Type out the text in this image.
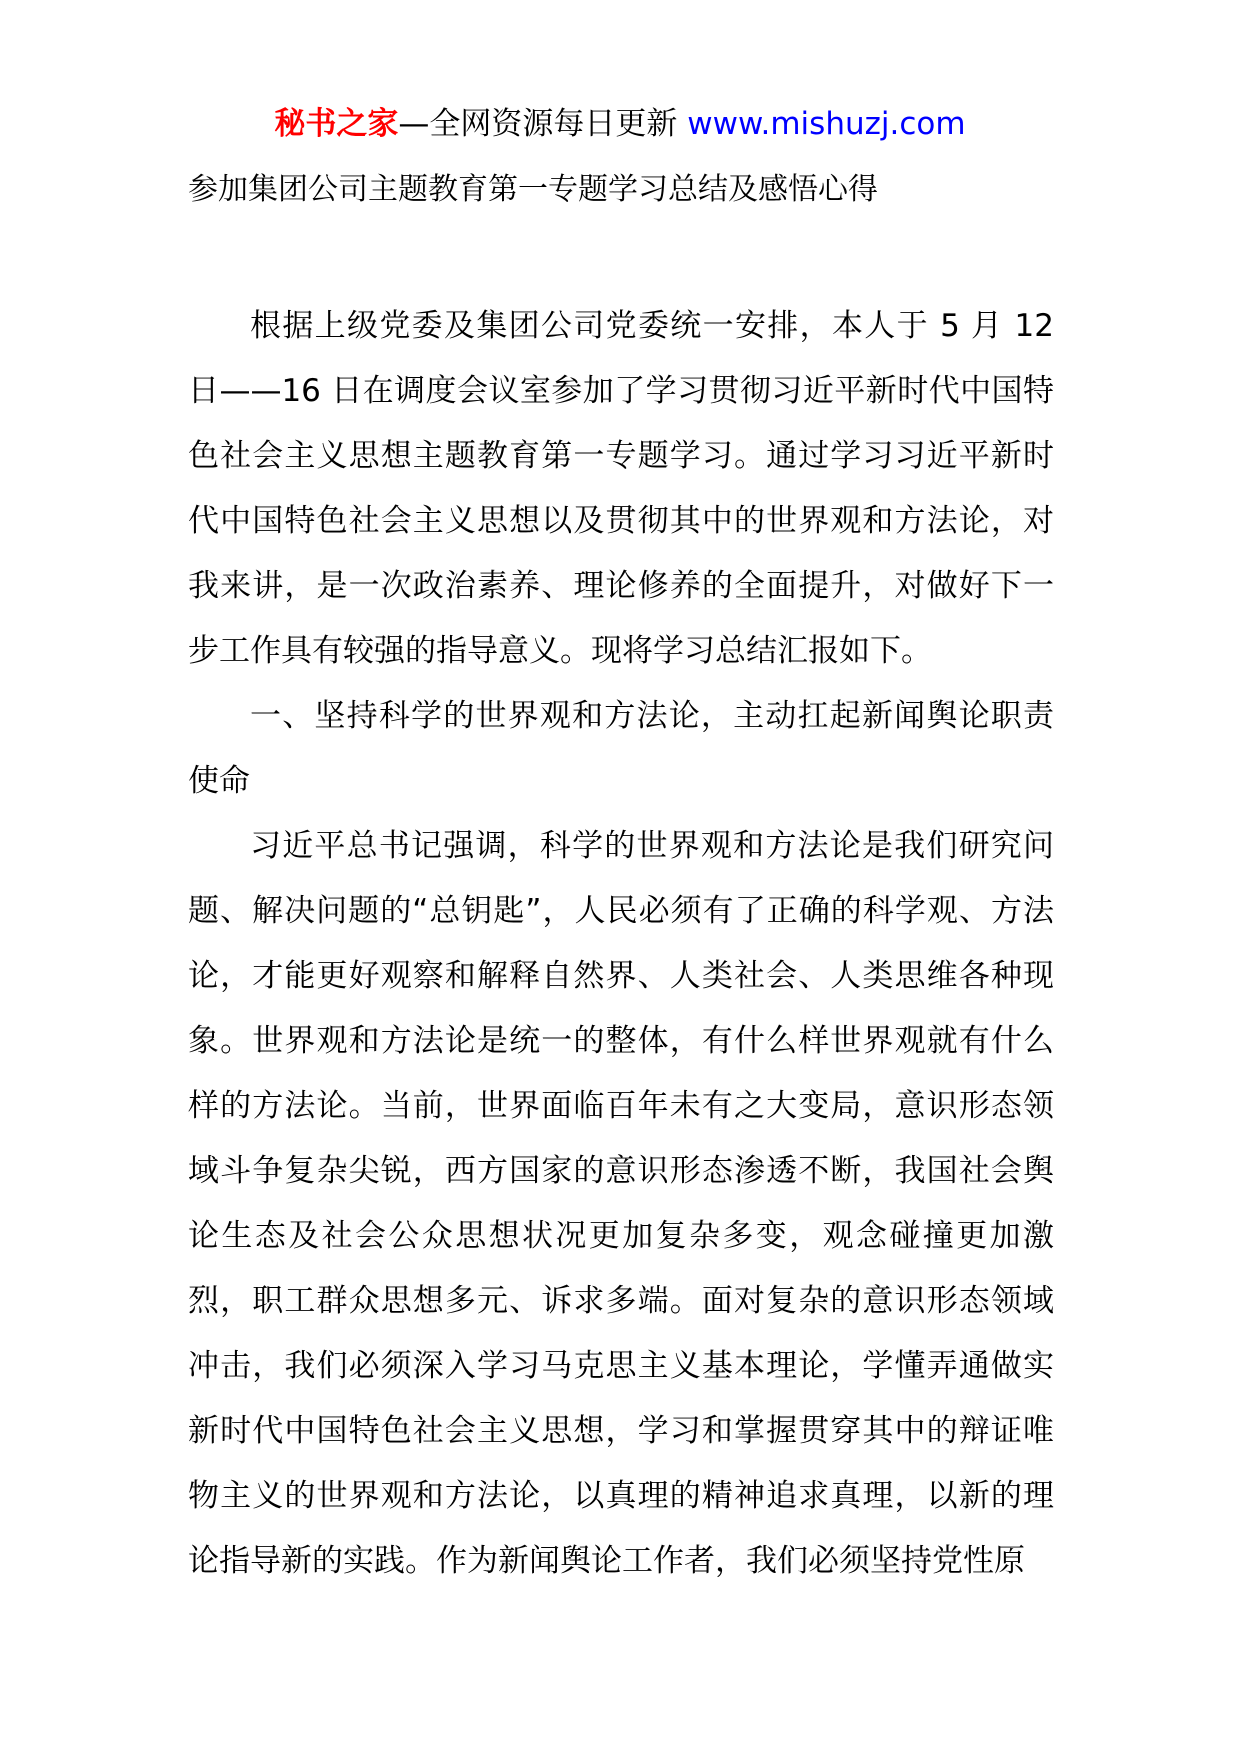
秘书之家—全网资源每日更新 www.mishuzj.com
参加集团公司主题教育第一专题学习总结及感悟心得

根据上级党委及集团公司党委统一安排，本人于 5 月 12 日——16 日在调度会议室参加了学习贯彻习近平新时代中国特色社会主义思想主题教育第一专题学习。通过学习习近平新时代中国特色社会主义思想以及贯彻其中的世界观和方法论，对我来讲，是一次政治素养、理论修养的全面提升，对做好下一步工作具有较强的指导意义。现将学习总结汇报如下。

一、坚持科学的世界观和方法论，主动扛起新闻舆论职责使命

习近平总书记强调，科学的世界观和方法论是我们研究问题、解决问题的“总钥匙”，人民必须有了正确的科学观、方法论，才能更好观察和解释自然界、人类社会、人类思维各种现象。世界观和方法论是统一的整体，有什么样世界观就有什么样的方法论。当前，世界面临百年未有之大变局，意识形态领域斗争复杂尖锐，西方国家的意识形态渗透不断，我国社会舆论生态及社会公众思想状况更加复杂多变，观念碰撞更加激烈，职工群众思想多元、诉求多端。面对复杂的意识形态领域冲击，我们必须深入学习马克思主义基本理论，学懂弄通做实新时代中国特色社会主义思想，学习和掌握贯穿其中的辩证唯物主义的世界观和方法论，以真理的精神追求真理，以新的理论指导新的实践。作为新闻舆论工作者，我们必须坚持党性原
